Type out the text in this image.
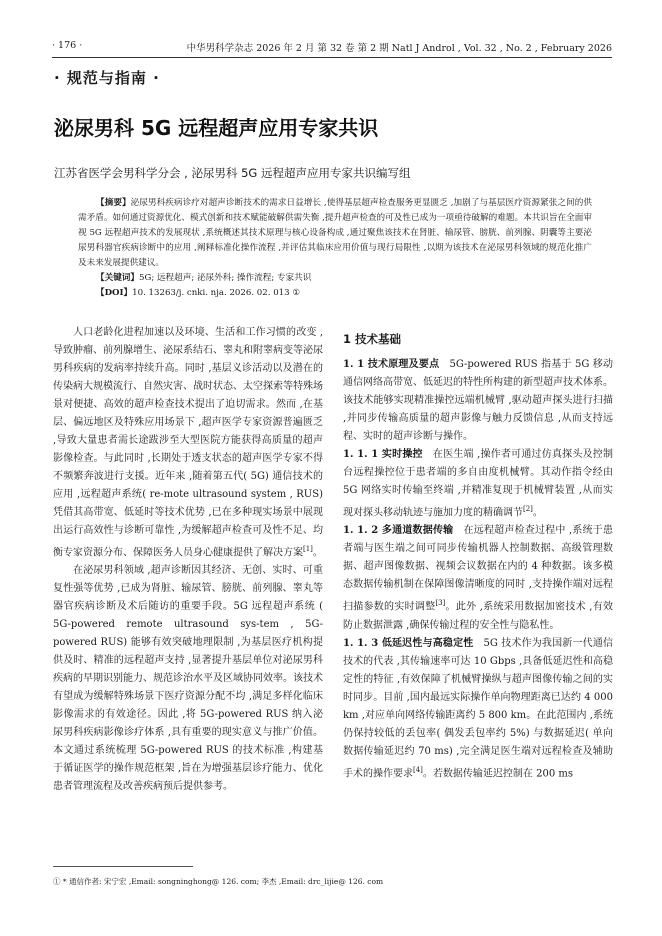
· 176 ·	中华男科学杂志 2026 年 2 月 第 32 卷 第 2 期 Natl J Androl , Vol. 32 , No. 2 , February 2026
· 规范与指南 ·
泌尿男科 5G 远程超声应用专家共识
江苏省医学会男科学分会 , 泌尿男科 5G 远程超声应用专家共识编写组

【摘要】泌尿男科疾病诊疗对超声诊断技术的需求日益增长 ,使得基层超声检查服务更显匮乏 ,加剧了与基层医疗资源紧张之间的供需矛盾。如何通过资源优化、模式创新和技术赋能破解供需失衡 ,提升超声检查的可及性已成为一项亟待破解的难题。本共识旨在全面审视 5G 远程超声技术的发展现状 ,系统概述其技术原理与核心设备构成 ,通过聚焦该技术在肾脏、输尿管、膀胱、前列腺、阴囊等主要泌尿男科器官疾病诊断中的应用 ,阐释标准化操作流程 ,并评估其临床应用价值与现行局限性 ,以期为该技术在泌尿男科领域的规范化推广及未来发展提供建议。

【关键词】5G; 远程超声; 泌尿外科; 操作流程; 专家共识

【DOI】10. 13263/j. cnki. nja. 2026. 02. 013 ①

人口老龄化进程加速以及环境、生活和工作习惯的改变 ,导致肿瘤、前列腺增生、泌尿系结石、睾丸和附睾病变等泌尿男科疾病的发病率持续升高。同时 ,基层义诊活动以及潜在的传染病大规模流行、自然灾害、战时状态、太空探索等特殊场景对便捷、高效的超声检查技术提出了迫切需求。然而 ,在基层、偏远地区及特殊应用场景下 ,超声医学专家资源普遍匮乏 ,导致大量患者需长途跋涉至大型医院方能获得高质量的超声影像检查。与此同时 ,长期处于透支状态的超声医学专家不得不频繁奔波进行支援。近年来 ,随着第五代( 5G) 通信技术的应用 ,远程超声系统( re-mote ultrasound system , RUS) 凭借其高带宽、低延时等技术优势 ,已在多种现实场景中展现出运行高效性与诊断可靠性 ,为缓解超声检查可及性不足、均衡专家资源分布、保障医务人员身心健康提供了解决方案[1]。

在泌尿男科领域 ,超声诊断因其经济、无创、实时、可重复性强等优势 ,已成为肾脏、输尿管、膀胱、前列腺、睾丸等器官疾病诊断及术后随访的重要手段。5G 远程超声系统 ( 5G-powered remote ultrasound sys-tem , 5G-powered RUS) 能够有效突破地理限制 ,为基层医疗机构提供及时、精准的远程超声支持 ,显著提升基层单位对泌尿男科疾病的早期识别能力、规范诊治水平及区域协同效率。该技术有望成为缓解特殊场景下医疗资源分配不均 ,满足多样化临床影像需求的有效途径。因此 ,将 5G-powered RUS 纳入泌尿男科疾病影像诊疗体系 ,具有重要的现实意义与推广价值。本文通过系统梳理 5G-powered RUS 的技术标准 ,构建基于循证医学的操作规范框架 ,旨在为增强基层诊疗能力、优化患者管理流程及改善疾病预后提供参考。

1 技术基础

1. 1 技术原理及要点 5G-powered RUS 指基于 5G 移动通信网络高带宽、低延迟的特性所构建的新型超声技术体系。该技术能够实现精准操控远端机械臂 ,驱动超声探头进行扫描 ,并同步传输高质量的超声影像与触力反馈信息 ,从而支持远程、实时的超声诊断与操作。

1. 1. 1 实时操控 在医生端 ,操作者可通过仿真探头及控制台远程操控位于患者端的多自由度机械臂。其动作指令经由 5G 网络实时传输至终端 ,并精准复现于机械臂装置 ,从而实现对探头移动轨迹与施加力度的精确调节[2]。

1. 1. 2 多通道数据传输 在远程超声检查过程中 ,系统于患者端与医生端之间可同步传输机器人控制数据、高级管理数据、超声图像数据、视频会议数据在内的 4 种数据。该多模态数据传输机制在保障图像清晰度的同时 ,支持操作端对远程扫描参数的实时调整[3]。此外 ,系统采用数据加密技术 ,有效防止数据泄露 ,确保传输过程的安全性与隐私性。

1. 1. 3 低延迟性与高稳定性 5G 技术作为我国新一代通信技术的代表 ,其传输速率可达 10 Gbps ,具备低延迟性和高稳定性的特征 ,有效保障了机械臂操纵与超声图像传输之间的实时同步。目前 ,国内最远实际操作单向物理距离已达约 4 000 km ,对应单向网络传输距离约 5 800 km。在此范围内 ,系统仍保持较低的丢包率( 偶发丢包率约 5%) 与数据延迟( 单向数据传输延迟约 70 ms) ,完全满足医生端对远程检查及辅助手术的操作要求[4]。若数据传输延迟控制在 200 ms

① * 通信作者: 宋宁宏 ,Email: songninghong@ 126. com; 李杰 ,Email: drc_lijie@ 126. com
